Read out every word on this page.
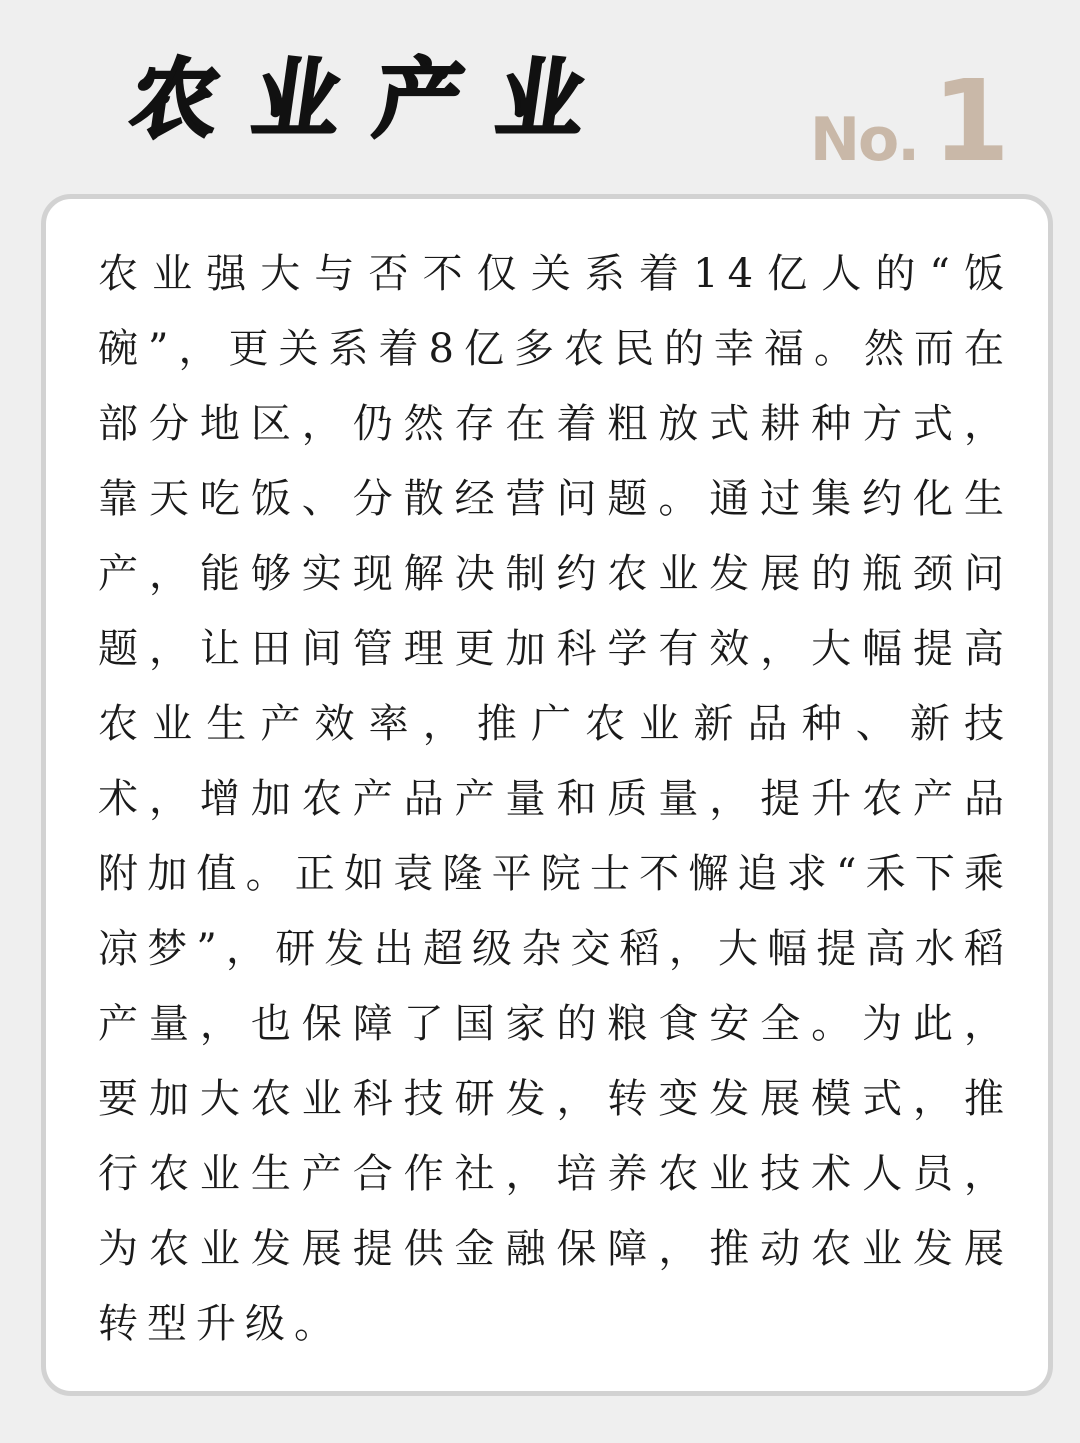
农业产业	No. 1

农业强大与否不仅关系着14亿人的“饭碗”，更关系着8亿多农民的幸福。然而在部分地区，仍然存在着粗放式耕种方式，靠天吃饭、分散经营问题。通过集约化生产，能够实现解决制约农业发展的瓶颈问题，让田间管理更加科学有效，大幅提高农业生产效率，推广农业新品种、新技术，增加农产品产量和质量，提升农产品附加值。正如袁隆平院士不懈追求“禾下乘凉梦”，研发出超级杂交稻，大幅提高水稻产量，也保障了国家的粮食安全。为此，要加大农业科技研发，转变发展模式，推行农业生产合作社，培养农业技术人员，为农业发展提供金融保障，推动农业发展转型升级。
